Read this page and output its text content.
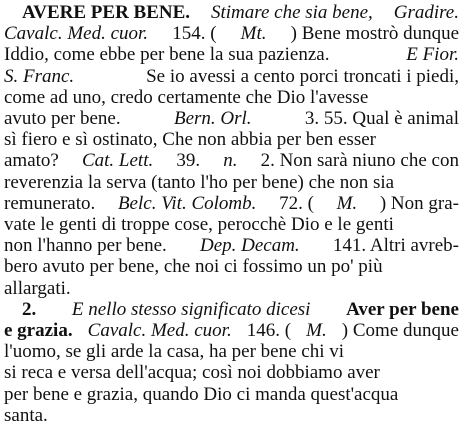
AVERE PER BENE. Stimare che sia bene, Gradire.
Cavalc. Med. cuor. 154. ( Mt. ) Bene mostrò dunque
Iddio, come ebbe per bene la sua pazienza.	E Fior.
S. Franc.	Se io avessi a cento porci troncati i piedi,
come ad uno, credo certamente che Dio l'avesse
avuto per bene.	Bern. Orl.	3. 55. Qual è animal
sì fiero e sì ostinato, Che non abbia per ben esser
amato? Cat. Lett. 39. n. 2. Non sarà niuno che con
reverenzia la serva (tanto l'ho per bene) che non sia
remunerato. Belc. Vit. Colomb. 72. ( M. ) Non gra-
vate le genti di troppe cose, perocchè Dio e le genti
non l'hanno per bene. Dep. Decam. 141. Altri avreb-
bero avuto per bene, che noi ci fossimo un po' più
allargati.
2. E nello stesso significato dicesi Aver per bene
e grazia. Cavalc. Med. cuor. 146. ( M. ) Come dunque
l'uomo, se gli arde la casa, ha per bene chi vi
si reca e versa dell'acqua; così noi dobbiamo aver
per bene e grazia, quando Dio ci manda quest'acqua
santa.
